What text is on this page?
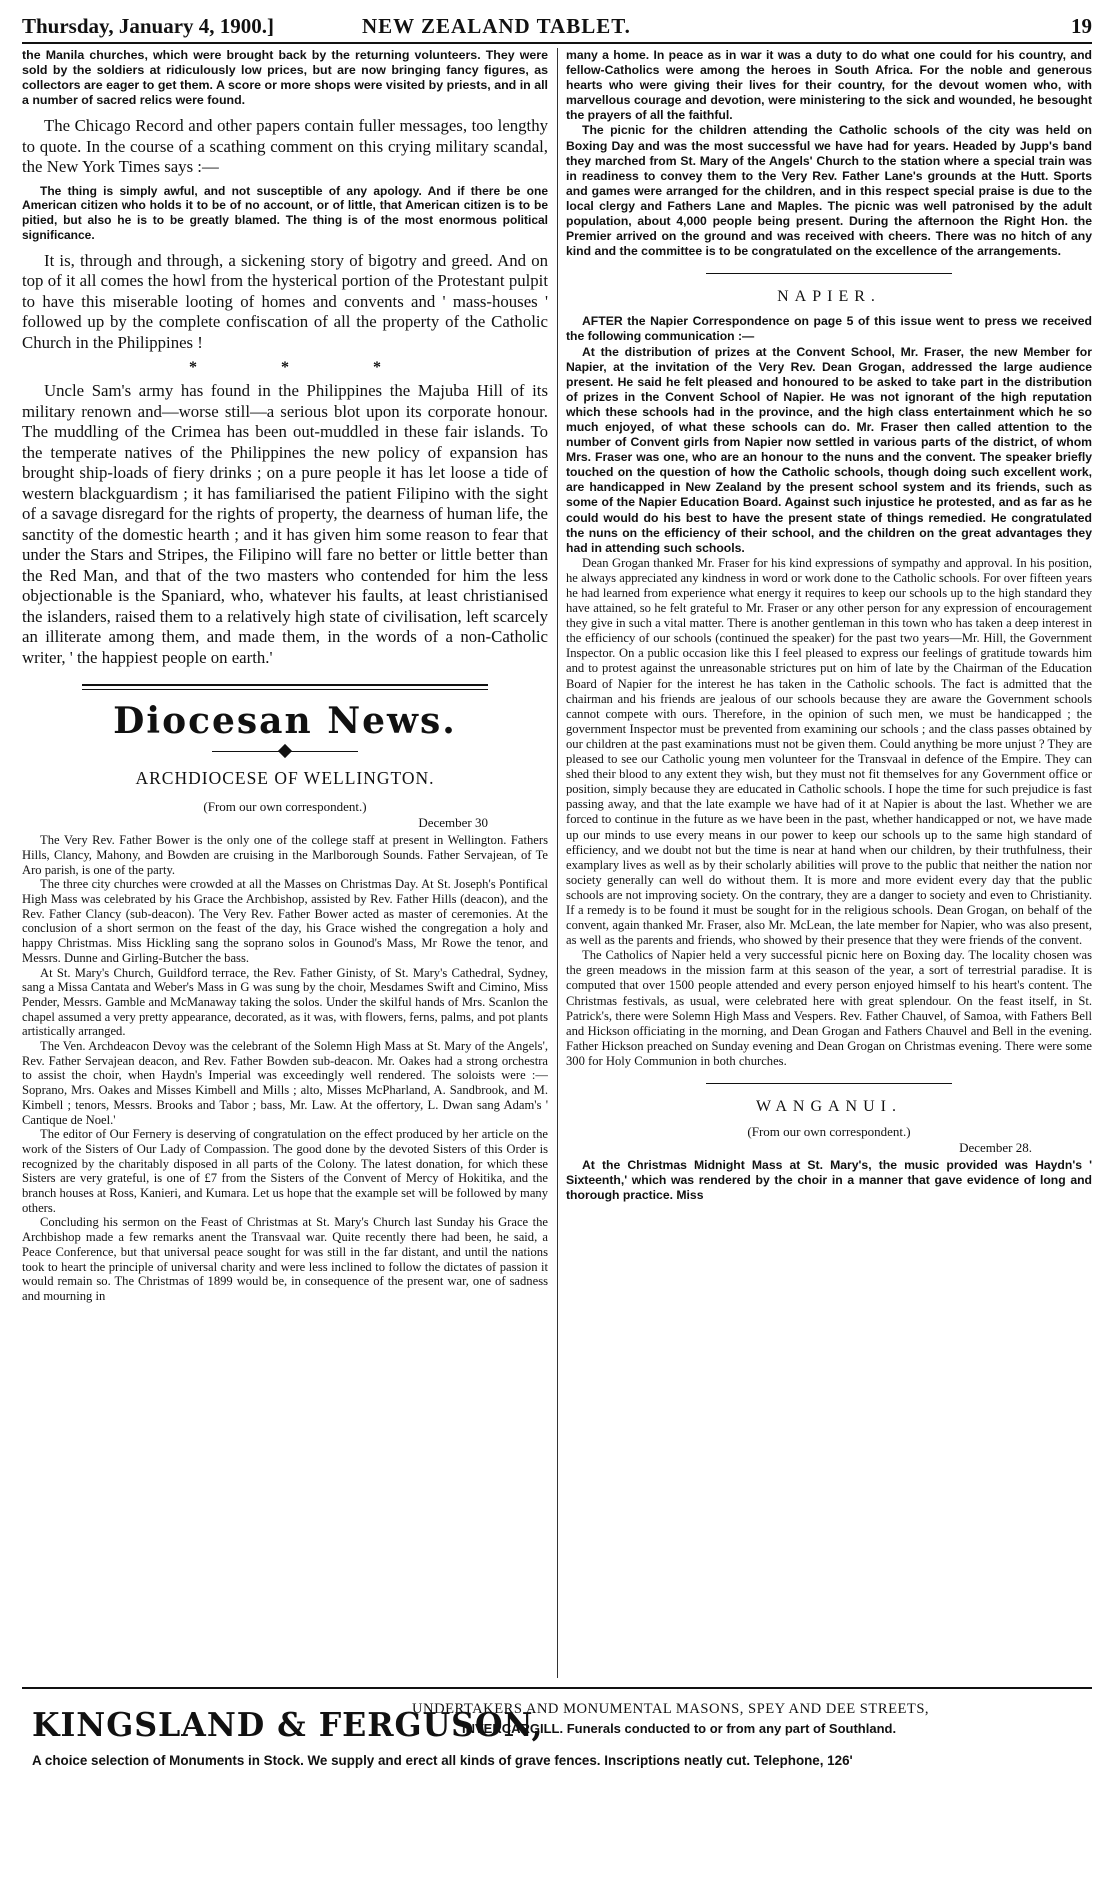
Thursday, January 4, 1900.]	NEW ZEALAND TABLET.	19

the Manila churches, which were brought back by the returning volunteers. They were sold by the soldiers at ridiculously low prices, but are now bringing fancy figures, as collectors are eager to get them. A score or more shops were visited by priests, and in all a number of sacred relics were found.

The Chicago Record and other papers contain fuller messages, too lengthy to quote. In the course of a scathing comment on this crying military scandal, the New York Times says :—

The thing is simply awful, and not susceptible of any apology. And if there be one American citizen who holds it to be of no account, or of little, that American citizen is to be pitied, but also he is to be greatly blamed. The thing is of the most enormous political significance.

It is, through and through, a sickening story of bigotry and greed. And on top of it all comes the howl from the hysterical portion of the Protestant pulpit to have this miserable looting of homes and convents and ' mass-houses ' followed up by the complete confiscation of all the property of the Catholic Church in the Philippines !

* * *

Uncle Sam's army has found in the Philippines the Majuba Hill of its military renown and—worse still—a serious blot upon its corporate honour. The muddling of the Crimea has been out-muddled in these fair islands. To the temperate natives of the Philippines the new policy of expansion has brought ship-loads of fiery drinks ; on a pure people it has let loose a tide of western blackguardism ; it has familiarised the patient Filipino with the sight of a savage disregard for the rights of property, the dearness of human life, the sanctity of the domestic hearth ; and it has given him some reason to fear that under the Stars and Stripes, the Filipino will fare no better or little better than the Red Man, and that of the two masters who contended for him the less objectionable is the Spaniard, who, whatever his faults, at least christianised the islanders, raised them to a relatively high state of civilisation, left scarcely an illiterate among them, and made them, in the words of a non-Catholic writer, ' the happiest people on earth.'

Diocesan News.
ARCHDIOCESE OF WELLINGTON.
(From our own correspondent.)
December 30

The Very Rev. Father Bower is the only one of the college staff at present in Wellington. Fathers Hills, Clancy, Mahony, and Bowden are cruising in the Marlborough Sounds. Father Servajean, of Te Aro parish, is one of the party.

The three city churches were crowded at all the Masses on Christmas Day. At St. Joseph's Pontifical High Mass was celebrated by his Grace the Archbishop, assisted by Rev. Father Hills (deacon), and the Rev. Father Clancy (sub-deacon). The Very Rev. Father Bower acted as master of ceremonies. At the conclusion of a short sermon on the feast of the day, his Grace wished the congregation a holy and happy Christmas. Miss Hickling sang the soprano solos in Gounod's Mass, Mr Rowe the tenor, and Messrs. Dunne and Girling-Butcher the bass.

At St. Mary's Church, Guildford terrace, the Rev. Father Ginisty, of St. Mary's Cathedral, Sydney, sang a Missa Cantata and Weber's Mass in G was sung by the choir, Mesdames Swift and Cimino, Miss Pender, Messrs. Gamble and McManaway taking the solos. Under the skilful hands of Mrs. Scanlon the chapel assumed a very pretty appearance, decorated, as it was, with flowers, ferns, palms, and pot plants artistically arranged.

The Ven. Archdeacon Devoy was the celebrant of the Solemn High Mass at St. Mary of the Angels', Rev. Father Servajean deacon, and Rev. Father Bowden sub-deacon. Mr. Oakes had a strong orchestra to assist the choir, when Haydn's Imperial was exceedingly well rendered. The soloists were :—Soprano, Mrs. Oakes and Misses Kimbell and Mills ; alto, Misses McPharland, A. Sandbrook, and M. Kimbell ; tenors, Messrs. Brooks and Tabor ; bass, Mr. Law. At the offertory, L. Dwan sang Adam's ' Cantique de Noel.'

The editor of Our Fernery is deserving of congratulation on the effect produced by her article on the work of the Sisters of Our Lady of Compassion. The good done by the devoted Sisters of this Order is recognized by the charitably disposed in all parts of the Colony. The latest donation, for which these Sisters are very grateful, is one of £7 from the Sisters of the Convent of Mercy of Hokitika, and the branch houses at Ross, Kanieri, and Kumara. Let us hope that the example set will be followed by many others.

Concluding his sermon on the Feast of Christmas at St. Mary's Church last Sunday his Grace the Archbishop made a few remarks anent the Transvaal war. Quite recently there had been, he said, a Peace Conference, but that universal peace sought for was still in the far distant, and until the nations took to heart the principle of universal charity and were less inclined to follow the dictates of passion it would remain so. The Christmas of 1899 would be, in consequence of the present war, one of sadness and mourning in

many a home. In peace as in war it was a duty to do what one could for his country, and fellow-Catholics were among the heroes in South Africa. For the noble and generous hearts who were giving their lives for their country, for the devout women who, with marvellous courage and devotion, were ministering to the sick and wounded, he besought the prayers of all the faithful.

The picnic for the children attending the Catholic schools of the city was held on Boxing Day and was the most successful we have had for years. Headed by Jupp's band they marched from St. Mary of the Angels' Church to the station where a special train was in readiness to convey them to the Very Rev. Father Lane's grounds at the Hutt. Sports and games were arranged for the children, and in this respect special praise is due to the local clergy and Fathers Lane and Maples. The picnic was well patronised by the adult population, about 4,000 people being present. During the afternoon the Right Hon. the Premier arrived on the ground and was received with cheers. There was no hitch of any kind and the committee is to be congratulated on the excellence of the arrangements.

NAPIER.

AFTER the Napier Correspondence on page 5 of this issue went to press we received the following communication :—

At the distribution of prizes at the Convent School, Mr. Fraser, the new Member for Napier, at the invitation of the Very Rev. Dean Grogan, addressed the large audience present. He said he felt pleased and honoured to be asked to take part in the distribution of prizes in the Convent School of Napier. He was not ignorant of the high reputation which these schools had in the province, and the high class entertainment which he so much enjoyed, of what these schools can do. Mr. Fraser then called attention to the number of Convent girls from Napier now settled in various parts of the district, of whom Mrs. Fraser was one, who are an honour to the nuns and the convent. The speaker briefly touched on the question of how the Catholic schools, though doing such excellent work, are handicapped in New Zealand by the present school system and its friends, such as some of the Napier Education Board. Against such injustice he protested, and as far as he could would do his best to have the present state of things remedied. He congratulated the nuns on the efficiency of their school, and the children on the great advantages they had in attending such schools.

Dean Grogan thanked Mr. Fraser for his kind expressions of sympathy and approval. In his position, he always appreciated any kindness in word or work done to the Catholic schools. For over fifteen years he had learned from experience what energy it requires to keep our schools up to the high standard they have attained, so he felt grateful to Mr. Fraser or any other person for any expression of encouragement they give in such a vital matter. There is another gentleman in this town who has taken a deep interest in the efficiency of our schools (continued the speaker) for the past two years—Mr. Hill, the Government Inspector. On a public occasion like this I feel pleased to express our feelings of gratitude towards him and to protest against the unreasonable strictures put on him of late by the Chairman of the Education Board of Napier for the interest he has taken in the Catholic schools. The fact is admitted that the chairman and his friends are jealous of our schools because they are aware the Government schools cannot compete with ours. Therefore, in the opinion of such men, we must be handicapped ; the government Inspector must be prevented from examining our schools ; and the class passes obtained by our children at the past examinations must not be given them. Could anything be more unjust ? They are pleased to see our Catholic young men volunteer for the Transvaal in defence of the Empire. They can shed their blood to any extent they wish, but they must not fit themselves for any Government office or position, simply because they are educated in Catholic schools. I hope the time for such prejudice is fast passing away, and that the late example we have had of it at Napier is about the last. Whether we are forced to continue in the future as we have been in the past, whether handicapped or not, we have made up our minds to use every means in our power to keep our schools up to the same high standard of efficiency, and we doubt not but the time is near at hand when our children, by their truthfulness, their examplary lives as well as by their scholarly abilities will prove to the public that neither the nation nor society generally can well do without them. It is more and more evident every day that the public schools are not improving society. On the contrary, they are a danger to society and even to Christianity. If a remedy is to be found it must be sought for in the religious schools. Dean Grogan, on behalf of the convent, again thanked Mr. Fraser, also Mr. McLean, the late member for Napier, who was also present, as well as the parents and friends, who showed by their presence that they were friends of the convent.

The Catholics of Napier held a very successful picnic here on Boxing day. The locality chosen was the green meadows in the mission farm at this season of the year, a sort of terrestrial paradise. It is computed that over 1500 people attended and every person enjoyed himself to his heart's content. The Christmas festivals, as usual, were celebrated here with great splendour. On the feast itself, in St. Patrick's, there were Solemn High Mass and Vespers. Rev. Father Chauvel, of Samoa, with Fathers Bell and Hickson officiating in the morning, and Dean Grogan and Fathers Chauvel and Bell in the evening. Father Hickson preached on Sunday evening and Dean Grogan on Christmas evening. There were some 300 for Holy Communion in both churches.

WANGANUI.
(From our own correspondent.)
December 28.

At the Christmas Midnight Mass at St. Mary's, the music provided was Haydn's ' Sixteenth,' which was rendered by the choir in a manner that gave evidence of long and thorough practice. Miss

KINGSLAND & FERGUSON,
UNDERTAKERS AND MONUMENTAL MASONS, SPEY AND DEE STREETS,
INVERCARGILL. Funerals conducted to or from any part of Southland.
A choice selection of Monuments in Stock. We supply and erect all kinds of grave fences. Inscriptions neatly cut. Telephone, 126'
